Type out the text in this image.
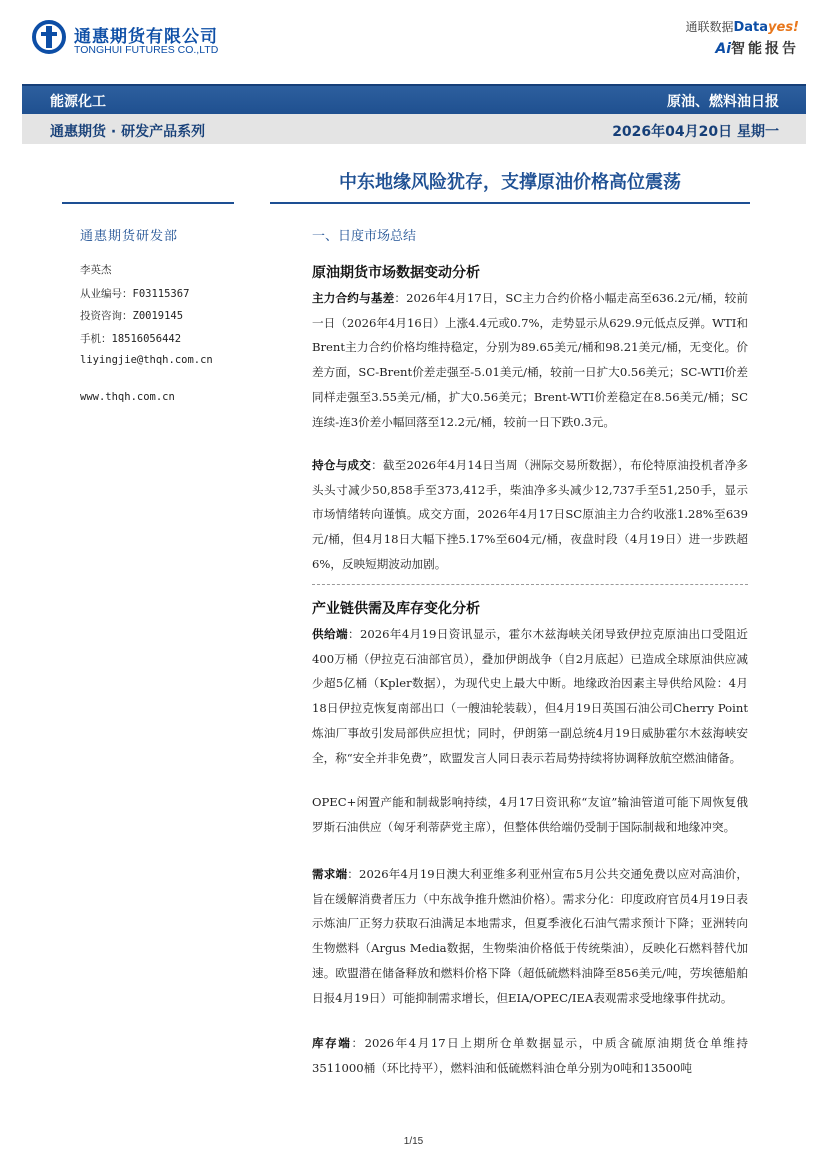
通惠期货有限公司
TONGHUI FUTURES CO.,LTD
通联数据Datayes!
Ai智能报告
能源化工	原油、燃料油日报
通惠期货 · 研发产品系列	2026年04月20日 星期一
中东地缘风险犹存，支撑原油价格高位震荡
通惠期货研发部
李英杰
从业编号：F03115367
投资咨询：Z0019145
手机：18516056442
liyingjie@thqh.com.cn
www.thqh.com.cn
一、日度市场总结
原油期货市场数据变动分析
主力合约与基差：2026年4月17日，SC主力合约价格小幅走高至636.2元/桶，较前一日（2026年4月16日）上涨4.4元或0.7%，走势显示从629.9元低点反弹。WTI和Brent主力合约价格均维持稳定，分别为89.65美元/桶和98.21美元/桶，无变化。价差方面，SC-Brent价差走强至-5.01美元/桶，较前一日扩大0.56美元；SC-WTI价差同样走强至3.55美元/桶，扩大0.56美元；Brent-WTI价差稳定在8.56美元/桶；SC连续-连3价差小幅回落至12.2元/桶，较前一日下跌0.3元。
持仓与成交：截至2026年4月14日当周（洲际交易所数据），布伦特原油投机者净多头头寸减少50,858手至373,412手，柴油净多头减少12,737手至51,250手，显示市场情绪转向谨慎。成交方面，2026年4月17日SC原油主力合约收涨1.28%至639元/桶，但4月18日大幅下挫5.17%至604元/桶，夜盘时段（4月19日）进一步跌超6%，反映短期波动加剧。
产业链供需及库存变化分析
供给端：2026年4月19日资讯显示，霍尔木兹海峡关闭导致伊拉克原油出口受阻近400万桶（伊拉克石油部官员），叠加伊朗战争（自2月底起）已造成全球原油供应减少超5亿桶（Kpler数据），为现代史上最大中断。地缘政治因素主导供给风险：4月18日伊拉克恢复南部出口（一艘油轮装载），但4月19日英国石油公司Cherry Point炼油厂事故引发局部供应担忧；同时，伊朗第一副总统4月19日威胁霍尔木兹海峡安全，称“安全并非免费”，欧盟发言人同日表示若局势持续将协调释放航空燃油储备。
OPEC+闲置产能和制裁影响持续，4月17日资讯称“友谊”输油管道可能下周恢复俄罗斯石油供应（匈牙利蒂萨党主席），但整体供给端仍受制于国际制裁和地缘冲突。
需求端：2026年4月19日澳大利亚维多利亚州宣布5月公共交通免费以应对高油价，旨在缓解消费者压力（中东战争推升燃油价格）。需求分化：印度政府官员4月19日表示炼油厂正努力获取石油满足本地需求，但夏季液化石油气需求预计下降；亚洲转向生物燃料（Argus Media数据，生物柴油价格低于传统柴油），反映化石燃料替代加速。欧盟潜在储备释放和燃料价格下降（超低硫燃料油降至856美元/吨，劳埃德船舶日报4月19日）可能抑制需求增长，但EIA/OPEC/IEA表观需求受地缘事件扰动。
库存端：2026年4月17日上期所仓单数据显示，中质含硫原油期货仓单维持3511000桶（环比持平），燃料油和低硫燃料油仓单分别为0吨和13500吨
1/15
